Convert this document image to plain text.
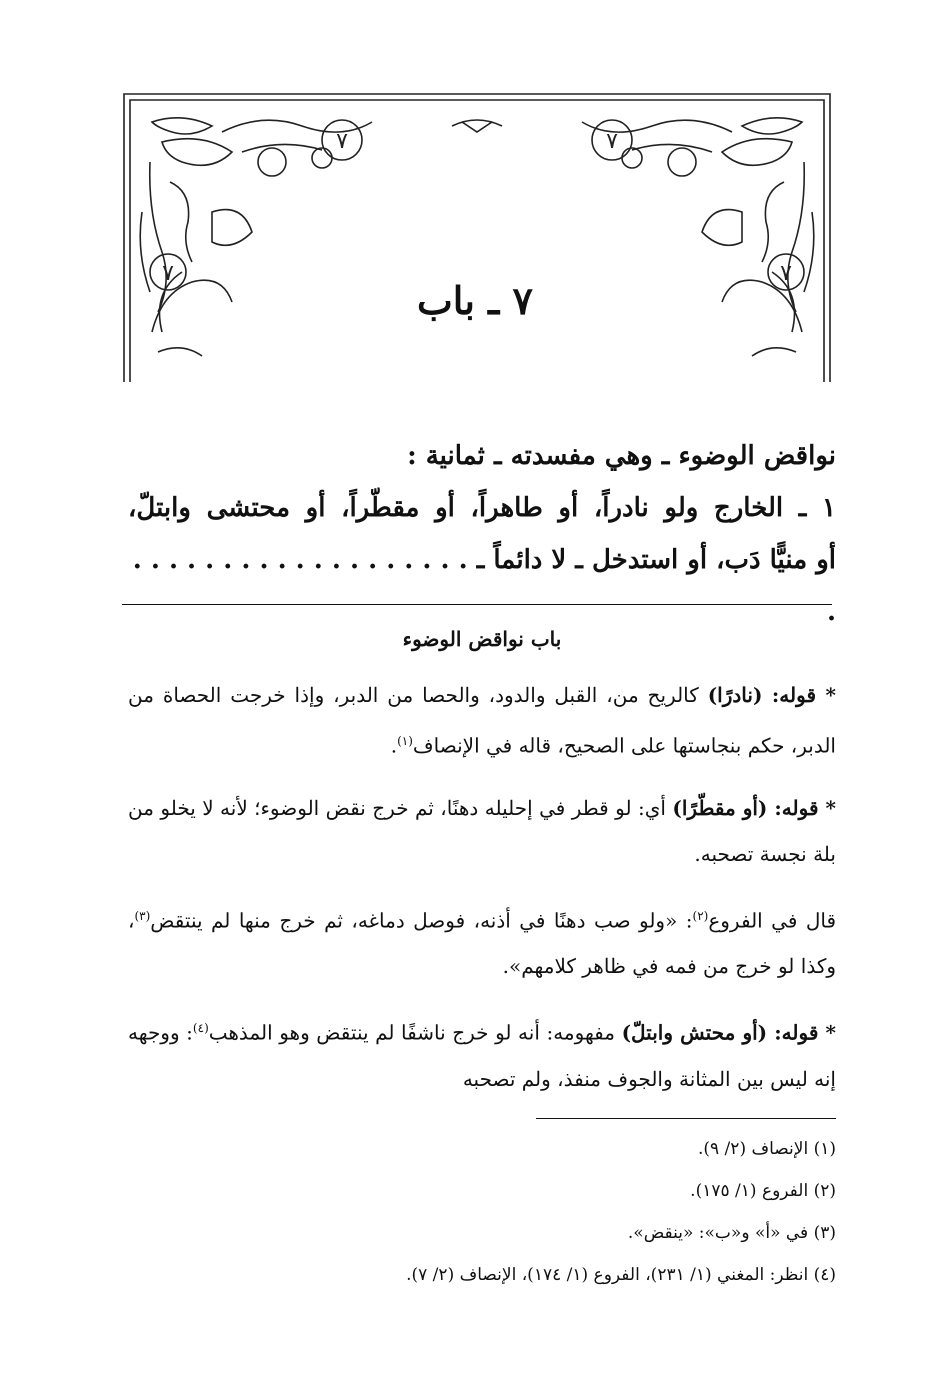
٧	٧
٧	٧
٧ ـ باب

نواقض الوضوء ـ وهي مفسدته ـ ثمانية :

١ ـ الخارج ولو نادراً، أو طاهراً، أو مقطّراً، أو محتشى وابتلّ،

أو منيًّا دَب، أو استدخل ـ لا دائماً ـ . . . . . . . . . . . . . . . . . . . .

باب نواقض الوضوء

* قوله: (نادرًا) كالريح من، القبل والدود، والحصا من الدبر، وإذا خرجت الحصاة من الدبر، حكم بنجاستها على الصحيح، قاله في الإنصاف$^{(١)}$.

* قوله: (أو مقطّرًا) أي: لو قطر في إحليله دهنًا، ثم خرج نقض الوضوء؛ لأنه لا يخلو من بلة نجسة تصحبه.

قال في الفروع$^{(٢)}$: «ولو صب دهنًا في أذنه، فوصل دماغه، ثم خرج منها لم ينتقض$^{(٣)}$، وكذا لو خرج من فمه في ظاهر كلامهم».

* قوله: (أو محتش وابتلّ) مفهومه: أنه لو خرج ناشفًا لم ينتقض وهو المذهب$^{(٤)}$: ووجهه إنه ليس بين المثانة والجوف منفذ، ولم تصحبه

(١) الإنصاف (٢/ ٩).

(٢) الفروع (١/ ١٧٥).

(٣) في «أ» و«ب»: «ينقض».

(٤) انظر: المغني (١/ ٢٣١)، الفروع (١/ ١٧٤)، الإنصاف (٢/ ٧).
